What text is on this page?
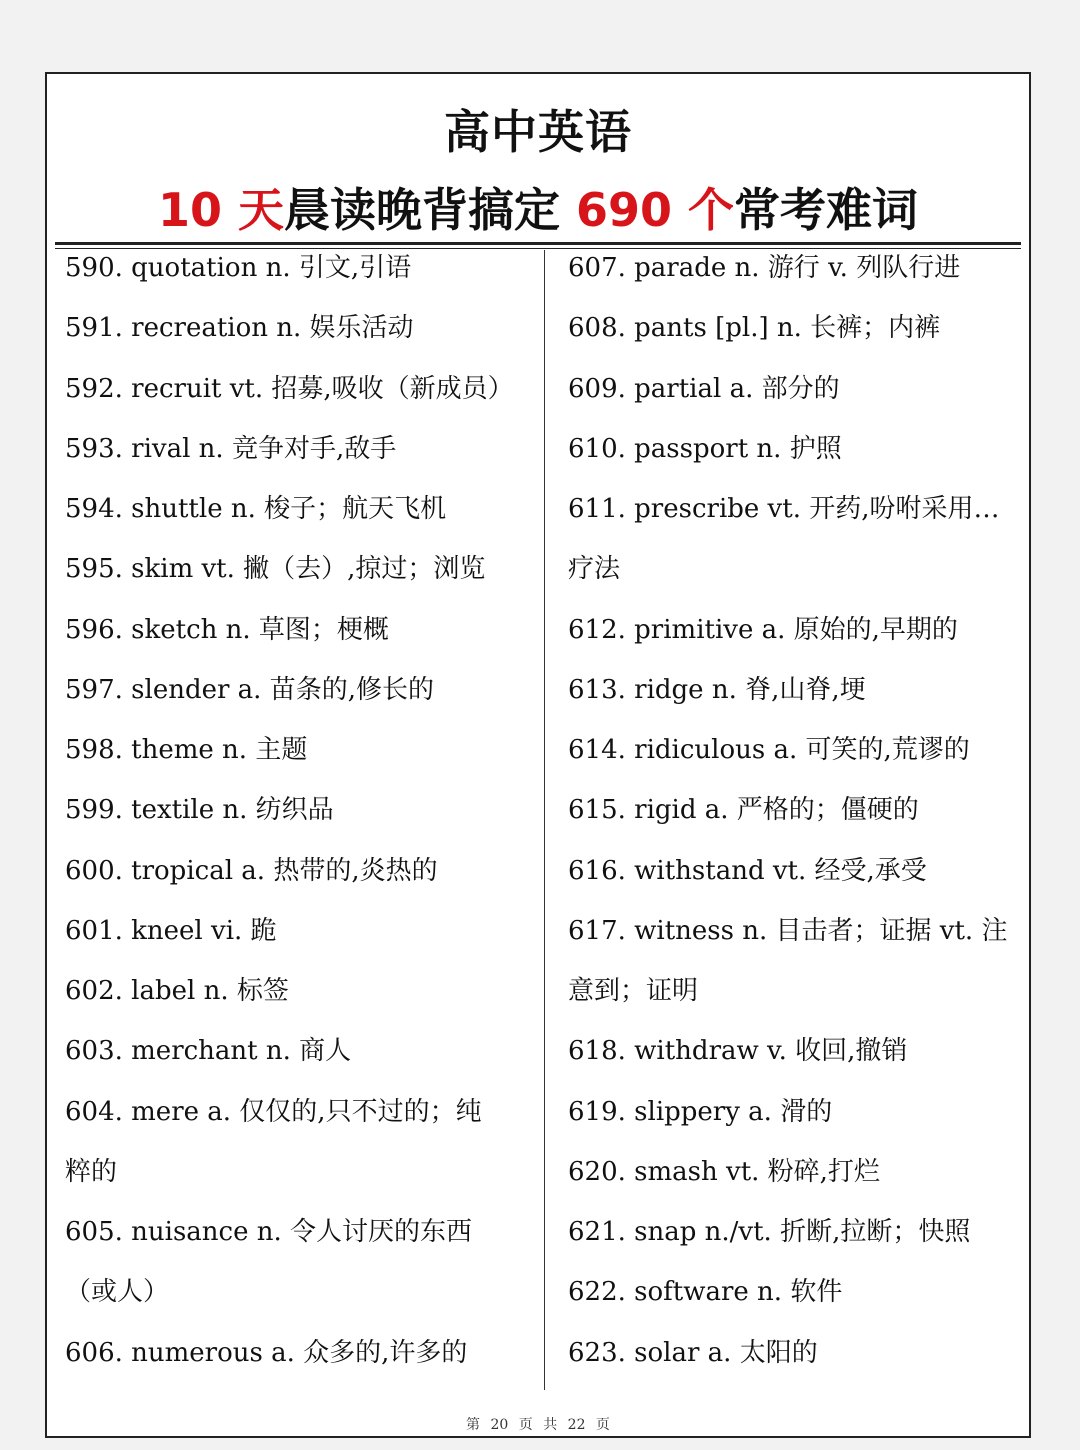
高中英语
10 天晨读晚背搞定 690 个常考难词
590. quotation n. 引文,引语
591. recreation n. 娱乐活动
592. recruit vt. 招募,吸收（新成员）
593. rival n. 竞争对手,敌手
594. shuttle n. 梭子；航天飞机
595. skim vt. 撇（去）,掠过；浏览
596. sketch n. 草图；梗概
597. slender a. 苗条的,修长的
598. theme n. 主题
599. textile n. 纺织品
600. tropical a. 热带的,炎热的
601. kneel vi. 跪
602. label n. 标签
603. merchant n. 商人
604. mere a. 仅仅的,只不过的；纯
粹的
605. nuisance n. 令人讨厌的东西
（或人）
606. numerous a. 众多的,许多的
607. parade n. 游行 v. 列队行进
608. pants [pl.] n. 长裤；内裤
609. partial a. 部分的
610. passport n. 护照
611. prescribe vt. 开药,吩咐采用…
疗法
612. primitive a. 原始的,早期的
613. ridge n. 脊,山脊,埂
614. ridiculous a. 可笑的,荒谬的
615. rigid a. 严格的；僵硬的
616. withstand vt. 经受,承受
617. witness n. 目击者；证据 vt. 注
意到；证明
618. withdraw v. 收回,撤销
619. slippery a. 滑的
620. smash vt. 粉碎,打烂
621. snap n./vt. 折断,拉断；快照
622. software n. 软件
623. solar a. 太阳的
第 20 页 共 22 页
